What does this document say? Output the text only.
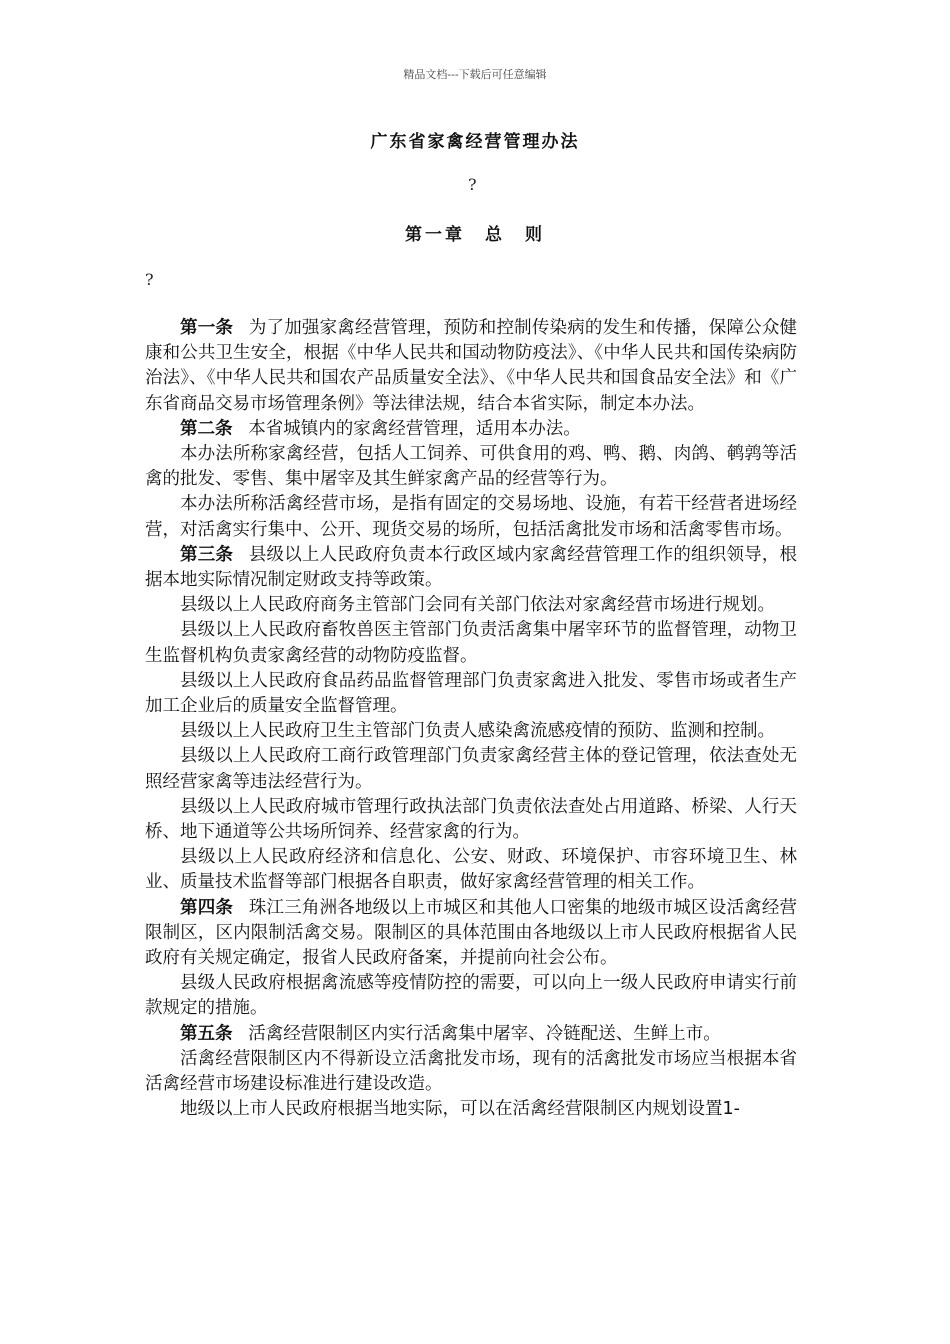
精品文档---下载后可任意编辑
广东省家禽经营管理办法
?
第一章　总　则
?

第一条 为了加强家禽经营管理，预防和控制传染病的发生和传播，保障公众健康和公共卫生安全，根据《中华人民共和国动物防疫法》、《中华人民共和国传染病防治法》、《中华人民共和国农产品质量安全法》、《中华人民共和国食品安全法》和《广东省商品交易市场管理条例》等法律法规，结合本省实际，制定本办法。

第二条 本省城镇内的家禽经营管理，适用本办法。

本办法所称家禽经营，包括人工饲养、可供食用的鸡、鸭、鹅、肉鸽、鹌鹑等活禽的批发、零售、集中屠宰及其生鲜家禽产品的经营等行为。

本办法所称活禽经营市场，是指有固定的交易场地、设施，有若干经营者进场经营，对活禽实行集中、公开、现货交易的场所，包括活禽批发市场和活禽零售市场。

第三条 县级以上人民政府负责本行政区域内家禽经营管理工作的组织领导，根据本地实际情况制定财政支持等政策。

县级以上人民政府商务主管部门会同有关部门依法对家禽经营市场进行规划。

县级以上人民政府畜牧兽医主管部门负责活禽集中屠宰环节的监督管理，动物卫生监督机构负责家禽经营的动物防疫监督。

县级以上人民政府食品药品监督管理部门负责家禽进入批发、零售市场或者生产加工企业后的质量安全监督管理。

县级以上人民政府卫生主管部门负责人感染禽流感疫情的预防、监测和控制。

县级以上人民政府工商行政管理部门负责家禽经营主体的登记管理，依法查处无照经营家禽等违法经营行为。

县级以上人民政府城市管理行政执法部门负责依法查处占用道路、桥梁、人行天桥、地下通道等公共场所饲养、经营家禽的行为。

县级以上人民政府经济和信息化、公安、财政、环境保护、市容环境卫生、林业、质量技术监督等部门根据各自职责，做好家禽经营管理的相关工作。

第四条 珠江三角洲各地级以上市城区和其他人口密集的地级市城区设活禽经营限制区，区内限制活禽交易。限制区的具体范围由各地级以上市人民政府根据省人民政府有关规定确定，报省人民政府备案，并提前向社会公布。

县级人民政府根据禽流感等疫情防控的需要，可以向上一级人民政府申请实行前款规定的措施。

第五条 活禽经营限制区内实行活禽集中屠宰、冷链配送、生鲜上市。

活禽经营限制区内不得新设立活禽批发市场，现有的活禽批发市场应当根据本省活禽经营市场建设标准进行建设改造。

地级以上市人民政府根据当地实际，可以在活禽经营限制区内规划设置1-
